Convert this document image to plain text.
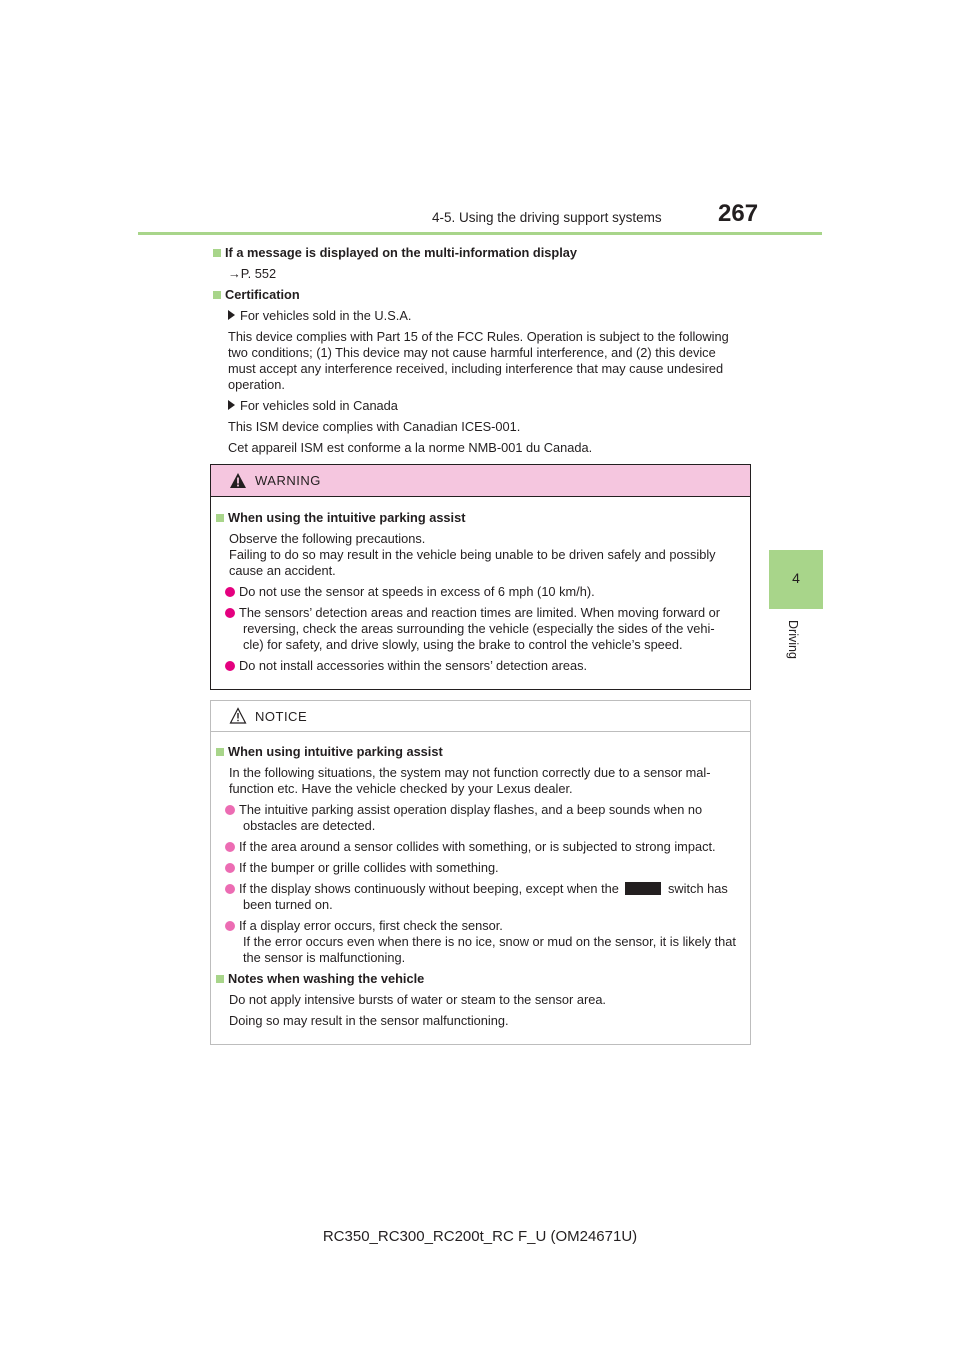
4-5. Using the driving support systems 267
4
Driving
If a message is displayed on the multi-information display
→P. 552
Certification
For vehicles sold in the U.S.A.
This device complies with Part 15 of the FCC Rules. Operation is subject to the following
two conditions; (1) This device may not cause harmful interference, and (2) this device
must accept any interference received, including interference that may cause undesired
operation.
For vehicles sold in Canada
This ISM device complies with Canadian ICES-001.
Cet appareil ISM est conforme a la norme NMB-001 du Canada.
WARNING
When using the intuitive parking assist
Observe the following precautions.
Failing to do so may result in the vehicle being unable to be driven safely and possibly
cause an accident.
Do not use the sensor at speeds in excess of 6 mph (10 km/h).
The sensors’ detection areas and reaction times are limited. When moving forward or
reversing, check the areas surrounding the vehicle (especially the sides of the vehi-
cle) for safety, and drive slowly, using the brake to control the vehicle’s speed.
Do not install accessories within the sensors’ detection areas.
NOTICE
When using intuitive parking assist
In the following situations, the system may not function correctly due to a sensor mal-
function etc. Have the vehicle checked by your Lexus dealer.
The intuitive parking assist operation display flashes, and a beep sounds when no
obstacles are detected.
If the area around a sensor collides with something, or is subjected to strong impact.
If the bumper or grille collides with something.
If the display shows continuously without beeping, except when the	switch has
been turned on.
If a display error occurs, first check the sensor.
If the error occurs even when there is no ice, snow or mud on the sensor, it is likely that
the sensor is malfunctioning.
Notes when washing the vehicle
Do not apply intensive bursts of water or steam to the sensor area.
Doing so may result in the sensor malfunctioning.
RC350_RC300_RC200t_RC F_U (OM24671U)
